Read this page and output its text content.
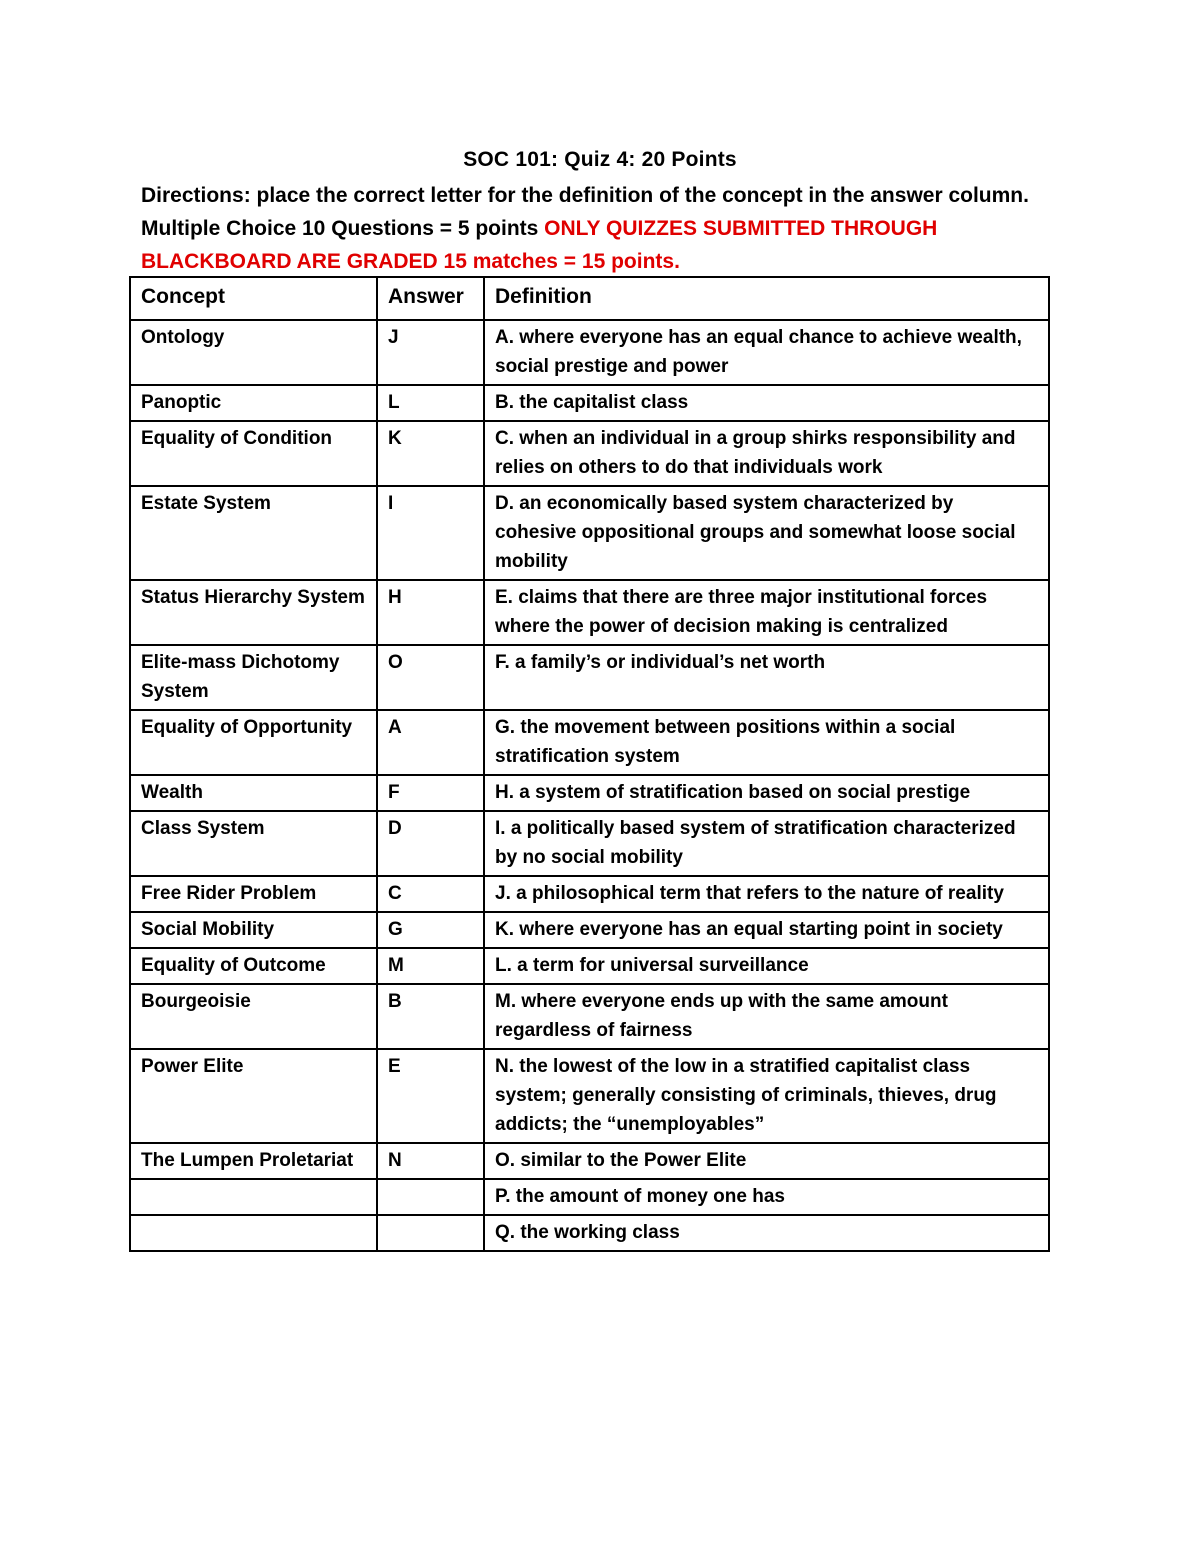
SOC 101: Quiz 4: 20 Points
Directions: place the correct letter for the definition of the concept in the answer column. Multiple Choice 10 Questions = 5 points ONLY QUIZZES SUBMITTED THROUGH BLACKBOARD ARE GRADED 15 matches = 15 points.
Concept	Answer	Definition
Ontology	J	A. where everyone has an equal chance to achieve wealth, social prestige and power
Panoptic	L	B. the capitalist class
Equality of Condition	K	C. when an individual in a group shirks responsibility and relies on others to do that individuals work
Estate System	I	D. an economically based system characterized by cohesive oppositional groups and somewhat loose social mobility
Status Hierarchy System	H	E. claims that there are three major institutional forces where the power of decision making is centralized
Elite-mass Dichotomy System	O	F. a family’s or individual’s net worth
Equality of Opportunity	A	G. the movement between positions within a social stratification system
Wealth	F	H. a system of stratification based on social prestige
Class System	D	I. a politically based system of stratification characterized by no social mobility
Free Rider Problem	C	J. a philosophical term that refers to the nature of reality
Social Mobility	G	K. where everyone has an equal starting point in society
Equality of Outcome	M	L. a term for universal surveillance
Bourgeoisie	B	M. where everyone ends up with the same amount regardless of fairness
Power Elite	E	N. the lowest of the low in a stratified capitalist class system; generally consisting of criminals, thieves, drug addicts; the “unemployables”
The Lumpen Proletariat	N	O. similar to the Power Elite
		P. the amount of money one has
		Q. the working class
